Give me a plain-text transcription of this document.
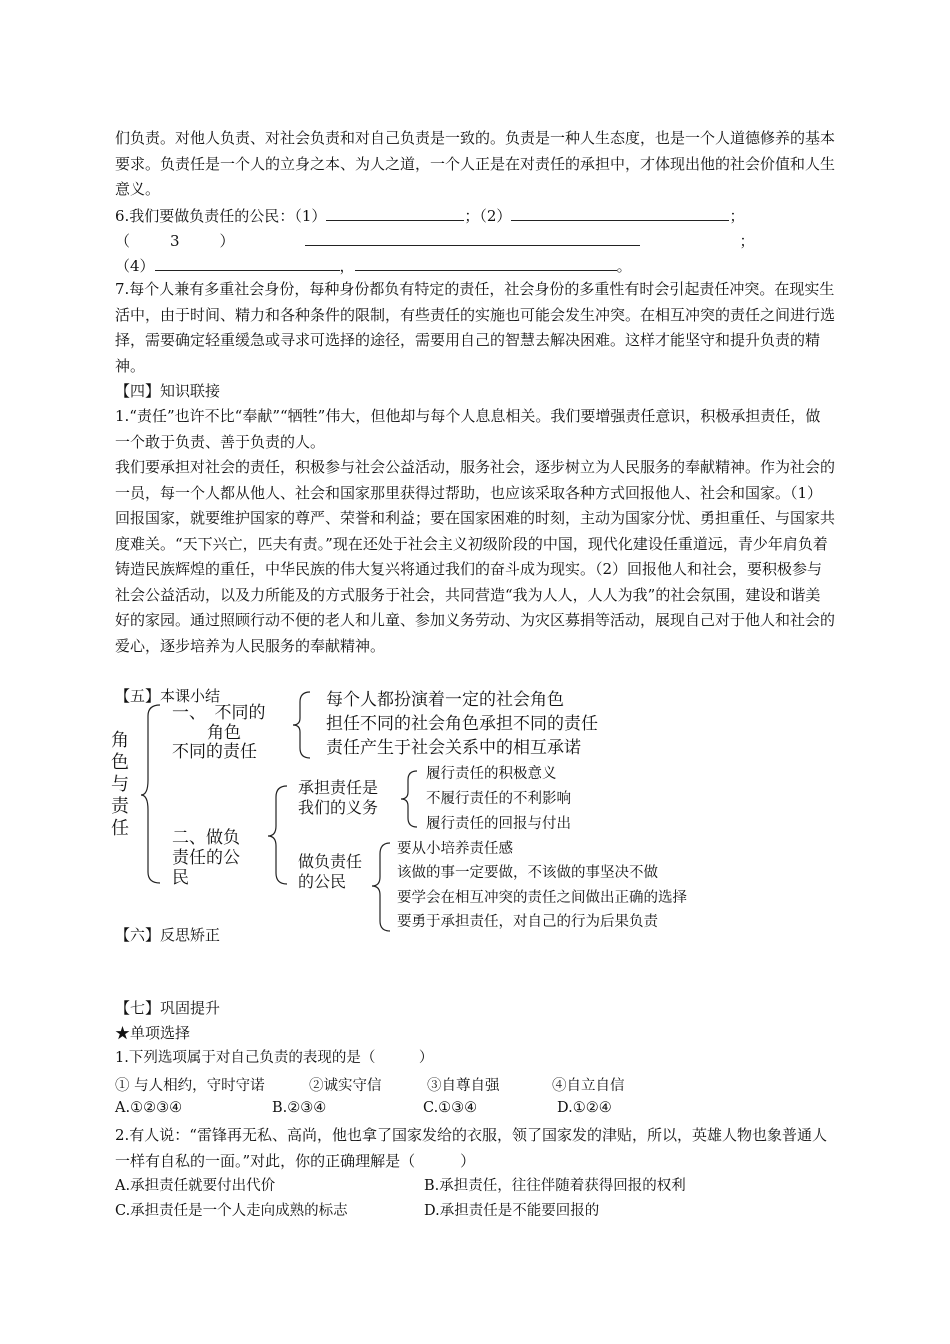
们负责。对他人负责、对社会负责和对自己负责是一致的。负责是一种人生态度，也是一个人道德修养的基本要求。负责任是一个人的立身之本、为人之道，一个人正是在对责任的承担中，才体现出他的社会价值和人生意义。

6.我们要做负责任的公民：（1）	；（2）	；
（3）	；
（4）	，	。

7.每个人兼有多重社会身份，每种身份都负有特定的责任，社会身份的多重性有时会引起责任冲突。在现实生活中，由于时间、精力和各种条件的限制，有些责任的实施也可能会发生冲突。在相互冲突的责任之间进行选择，需要确定轻重缓急或寻求可选择的途径，需要用自己的智慧去解决困难。这样才能坚守和提升负责的精神。

【四】知识联接

1.“责任”也许不比“奉献”“牺牲”伟大，但他却与每个人息息相关。我们要增强责任意识，积极承担责任，做一个敢于负责、善于负责的人。

我们要承担对社会的责任，积极参与社会公益活动，服务社会，逐步树立为人民服务的奉献精神。作为社会的一员，每一个人都从他人、社会和国家那里获得过帮助，也应该采取各种方式回报他人、社会和国家。（1）回报国家，就要维护国家的尊严、荣誉和利益；要在国家困难的时刻，主动为国家分忧、勇担重任、与国家共度难关。“天下兴亡，匹夫有责。”现在还处于社会主义初级阶段的中国，现代化建设任重道远，青少年肩负着铸造民族辉煌的重任，中华民族的伟大复兴将通过我们的奋斗成为现实。（2）回报他人和社会，要积极参与社会公益活动，以及力所能及的方式服务于社会，共同营造“我为人人，人人为我”的社会氛围，建设和谐美好的家园。通过照顾行动不便的老人和儿童、参加义务劳动、为灾区募捐等活动，展现自己对于他人和社会的爱心，逐步培养为人民服务的奉献精神。

【五】本课小结

角色与责任
一、　不同的
角色
不同的责任
每个人都扮演着一定的社会角色
担任不同的社会角色承担不同的责任
责任产生于社会关系中的相互承诺
二、做负
责任的公
民
承担责任是
我们的义务
履行责任的积极意义
不履行责任的不利影响
履行责任的回报与付出
做负责任
的公民
要从小培养责任感
该做的事一定要做，不该做的事坚决不做
要学会在相互冲突的责任之间做出正确的选择
要勇于承担责任，对自己的行为后果负责

【六】反思矫正

【七】巩固提升

★单项选择

1.下列选项属于对自己负责的表现的是（　　　）
① 与人相约，守时守诺	②诚实守信	③自尊自强	④自立自信
A.①②③④	B.②③④	C.①③④	D.①②④

2.有人说：“雷锋再无私、高尚，他也拿了国家发给的衣服，领了国家发的津贴，所以，英雄人物也象普通人一样有自私的一面。”对此，你的正确理解是（　　　）

A.承担责任就要付出代价	B.承担责任，往往伴随着获得回报的权利
C.承担责任是一个人走向成熟的标志	D.承担责任是不能要回报的
